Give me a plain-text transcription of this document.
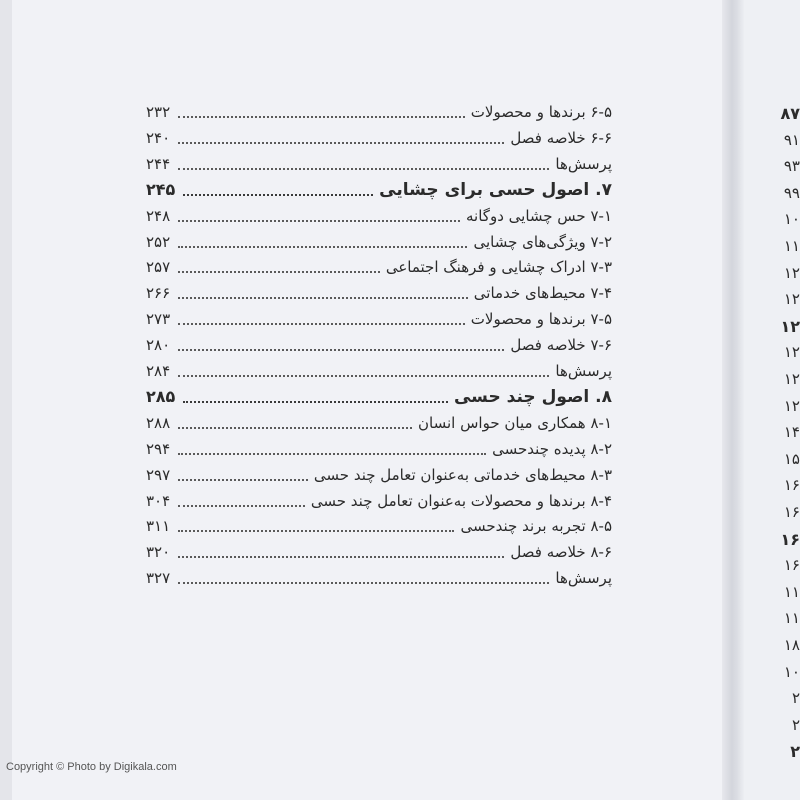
۶-۵ برندها و محصولات
۲۳۲
۶-۶ خلاصه فصل
۲۴۰
پرسش‌ها
۲۴۴
۷. اصول حسی برای چشایی
۲۴۵
۷-۱ حس چشایی دوگانه
۲۴۸
۷-۲ ویژگی‌های چشایی
۲۵۲
۷-۳ ادراک چشایی و فرهنگ اجتماعی
۲۵۷
۷-۴ محیط‌های خدماتی
۲۶۶
۷-۵ برندها و محصولات
۲۷۳
۷-۶ خلاصه فصل
۲۸۰
پرسش‌ها
۲۸۴
۸. اصول چند حسی
۲۸۵
۸-۱ همکاری میان حواس انسان
۲۸۸
۸-۲ پدیده چندحسی
۲۹۴
۸-۳ محیط‌های خدماتی به‌عنوان تعامل چند حسی
۲۹۷
۸-۴ برندها و محصولات به‌عنوان تعامل چند حسی
۳۰۴
۸-۵ تجربه برند چندحسی
۳۱۱
۸-۶ خلاصه فصل
۳۲۰
پرسش‌ها
۳۲۷
۸۷
۹۱
۹۳
۹۹
۱۰
۱۱
۱۲
۱۲
۱۲
۱۲
۱۲
۱۲
۱۴
۱۵
۱۶
۱۶
۱۶
۱۶
۱۱
۱۱
۱۸
۱۰
۲
۲
۲
Copyright © Photo by Digikala.com
